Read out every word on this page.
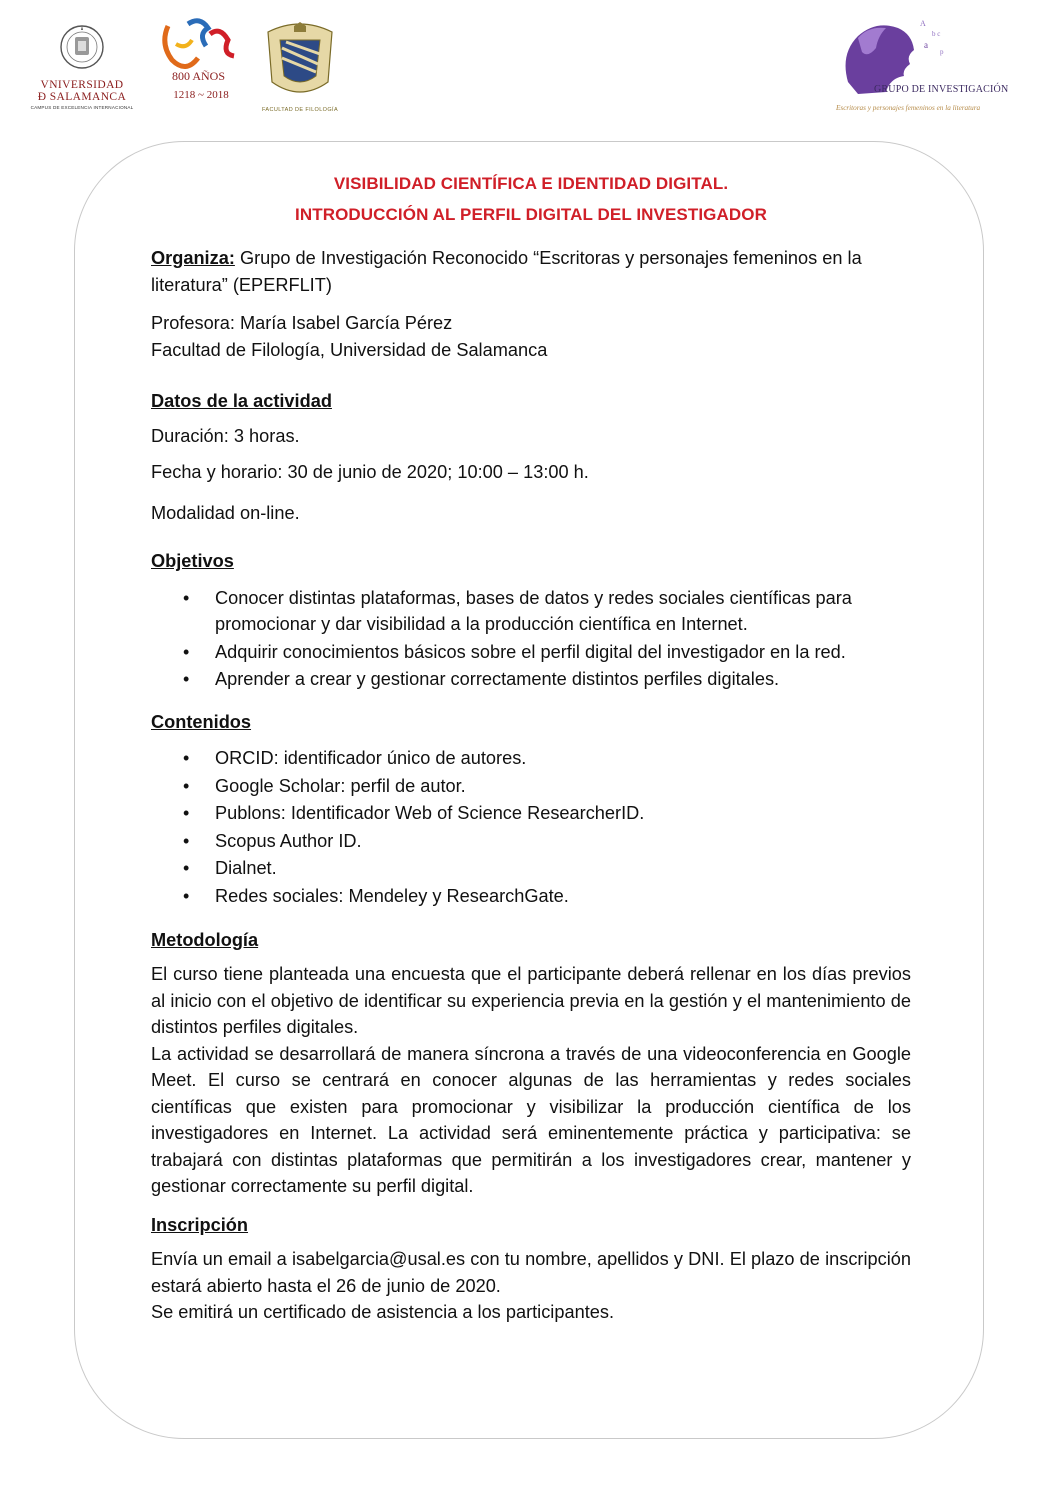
VNIVERSIDAD
Ð SALAMANCA
CAMPUS DE EXCELENCIA INTERNACIONAL
800 AÑOS
1218 ~ 2018
FACULTAD DE FILOLOGÍA
A
b c
a
p
GRUPO DE INVESTIGACIÓN
Escritoras y personajes femeninos en la literatura
VISIBILIDAD CIENTÍFICA E IDENTIDAD DIGITAL.
INTRODUCCIÓN AL PERFIL DIGITAL DEL INVESTIGADOR

Organiza: Grupo de Investigación Reconocido “Escritoras y personajes femeninos en la literatura” (EPERFLIT)

Profesora: María Isabel García Pérez

Facultad de Filología, Universidad de Salamanca

Datos de la actividad

Duración: 3 horas.

Fecha y horario: 30 de junio de 2020; 10:00 – 13:00 h.

Modalidad on-line.

Objetivos

• Conocer distintas plataformas, bases de datos y redes sociales científicas para promocionar y dar visibilidad a la producción científica en Internet.
• Adquirir conocimientos básicos sobre el perfil digital del investigador en la red.
• Aprender a crear y gestionar correctamente distintos perfiles digitales.

Contenidos

• ORCID: identificador único de autores.
• Google Scholar: perfil de autor.
• Publons: Identificador Web of Science ResearcherID.
• Scopus Author ID.
• Dialnet.
• Redes sociales: Mendeley y ResearchGate.

Metodología

El curso tiene planteada una encuesta que el participante deberá rellenar en los días previos al inicio con el objetivo de identificar su experiencia previa en la gestión y el mantenimiento de distintos perfiles digitales.

La actividad se desarrollará de manera síncrona a través de una videoconferencia en Google Meet. El curso se centrará en conocer algunas de las herramientas y redes sociales científicas que existen para promocionar y visibilizar la producción científica de los investigadores en Internet. La actividad será eminentemente práctica y participativa: se trabajará con distintas plataformas que permitirán a los investigadores crear, mantener y gestionar correctamente su perfil digital.

Inscripción

Envía un email a isabelgarcia@usal.es con tu nombre, apellidos y DNI. El plazo de inscripción estará abierto hasta el 26 de junio de 2020.

Se emitirá un certificado de asistencia a los participantes.
